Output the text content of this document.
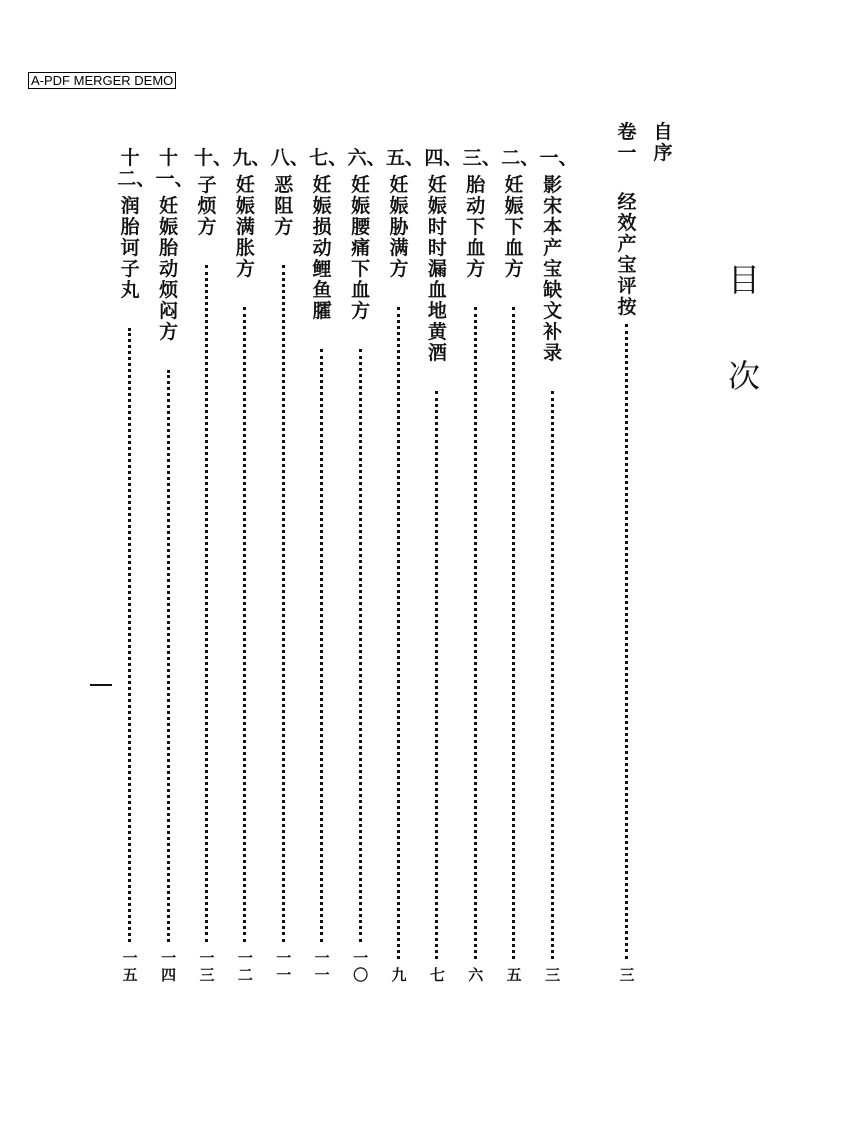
A-PDF MERGER DEMO
目
次
自
序
卷
一
经效产宝评按
三
一、
影宋本产宝缺文补录
三
二、
妊娠下血方
五
三、
胎动下血方
六
四、
妊娠时时漏血地黄酒
七
五、
妊娠胁满方
九
六、
妊娠腰痛下血方
一〇
七、
妊娠损动鲤鱼臛
一一
八、
恶阻方
一一
九、
妊娠满胀方
一二
十、
子烦方
一三
十一、
妊娠胎动烦闷方
一四
十二、
润胎诃子丸
一五
